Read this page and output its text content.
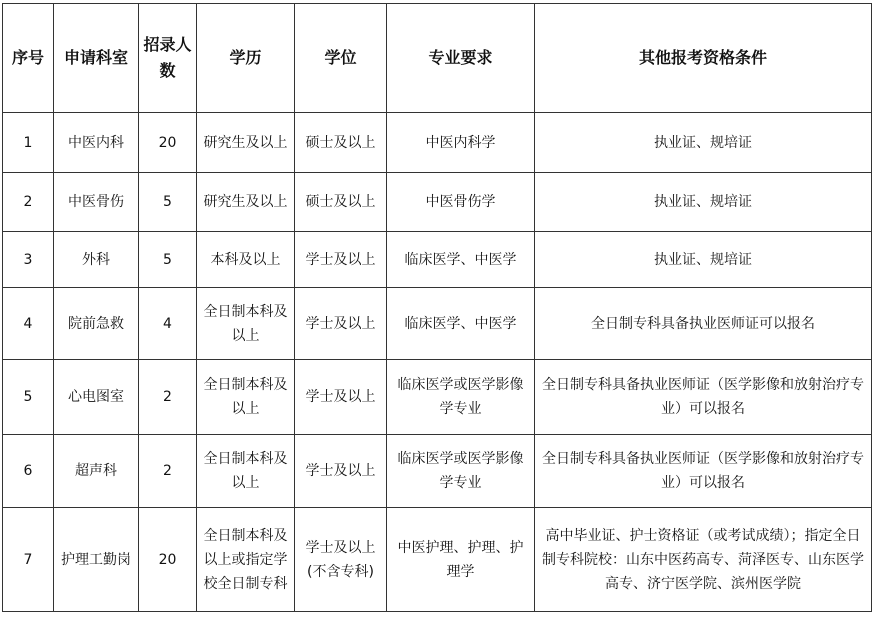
序号	申请科室	招录人数	学历	学位	专业要求	其他报考资格条件
1	中医内科	20	研究生及以上	硕士及以上	中医内科学	执业证、规培证
2	中医骨伤	5	研究生及以上	硕士及以上	中医骨伤学	执业证、规培证
3	外科	5	本科及以上	学士及以上	临床医学、中医学	执业证、规培证
4	院前急救	4	全日制本科及以上	学士及以上	临床医学、中医学	全日制专科具备执业医师证可以报名
5	心电图室	2	全日制本科及以上	学士及以上	临床医学或医学影像学专业	全日制专科具备执业医师证（医学影像和放射治疗专业）可以报名
6	超声科	2	全日制本科及以上	学士及以上	临床医学或医学影像学专业	全日制专科具备执业医师证（医学影像和放射治疗专业）可以报名
7	护理工勤岗	20	全日制本科及以上或指定学校全日制专科	学士及以上(不含专科)	中医护理、护理、护理学	高中毕业证、护士资格证（或考试成绩）；指定全日制专科院校：山东中医药高专、菏泽医专、山东医学高专、济宁医学院、滨州医学院
